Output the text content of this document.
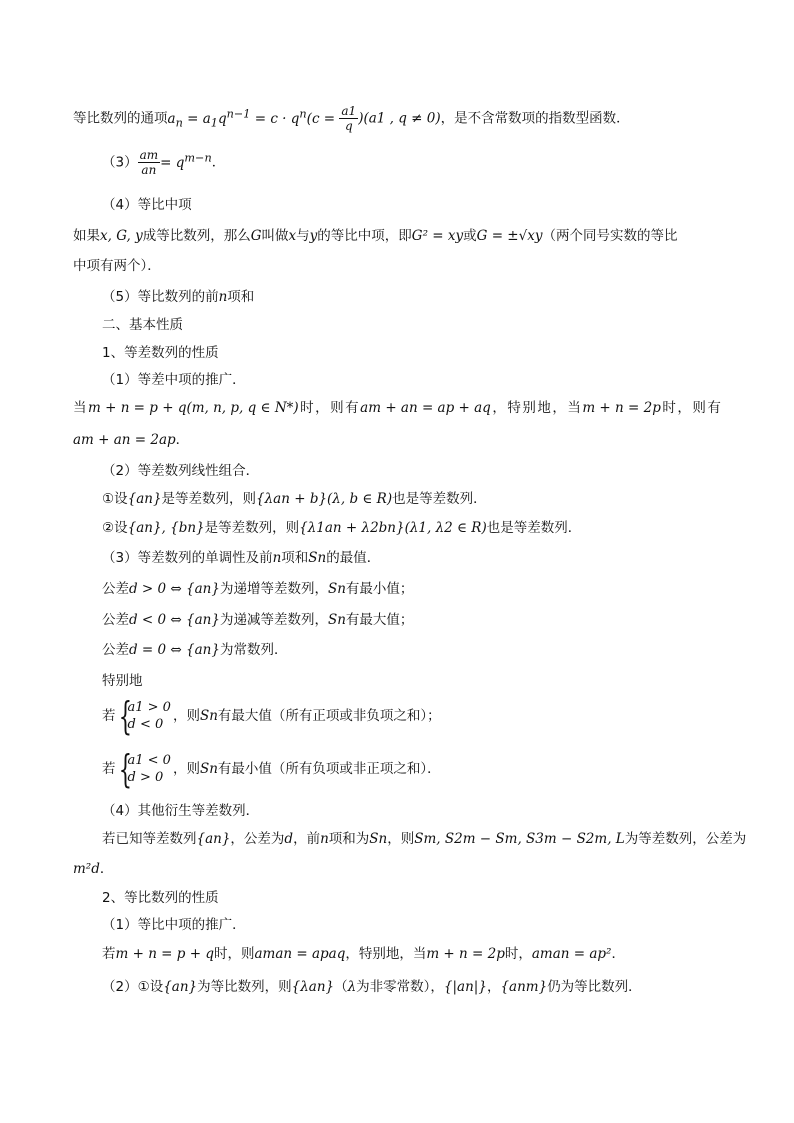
等比数列的通项$a_n = a_1q^{n-1} = c \cdot q^n(c = \frac{a1}{q} )(a1$ , q ≠ 0)，是不含常数项的指数型函数．
$(3) \frac{am}{an} = q^{m-n}$．
（4）等比中项
如果x, G, y成等比数列，那么G叫做x与y的等比中项，即G² = xy或G = ±√xy（两个同号实数的等比
中项有两个）．
（5）等比数列的前n项和
二、基本性质
1、等差数列的性质
（1）等差中项的推广．
当 m + n = p + q(m, n, p, q ∈ N*) 时 ， 则 有 am + an = ap + aq ， 特 别 地 ， 当 m + n = 2p 时 ， 则 有
am + an = 2ap．
（2）等差数列线性组合．
①设{an}是等差数列，则{λan + b}(λ, b ∈ R)也是等差数列．
②设{an}, {bn}是等差数列，则{λ1an + λ2bn}(λ1, λ2 ∈ R)也是等差数列．
（3）等差数列的单调性及前n项和Sn的最值．
公差d > 0 ⇔ {an}为递增等差数列，Sn有最小值；
公差d < 0 ⇔ {an}为递减等差数列，Sn有最大值；
公差d = 0 ⇔ {an}为常数列．
特别地
若 {
a1 > 0
d < 0
，则Sn有最大值（所有正项或非负项之和）；
若 {
a1 < 0
d > 0
，则Sn有最小值（所有负项或非正项之和）．
（4）其他衍生等差数列．
若已知等差数列{an}，公差为d，前n项和为Sn，则Sm, S2m − Sm, S3m − S2m, L为等差数列，公差为
m²d．
2、等比数列的性质
（1）等比中项的推广．
若m + n = p + q时，则aman = apaq，特别地，当m + n = 2p时，aman = ap²．
（2）①设{an}为等比数列，则{λan}（λ为非零常数），{|an|}，{anm}仍为等比数列．
